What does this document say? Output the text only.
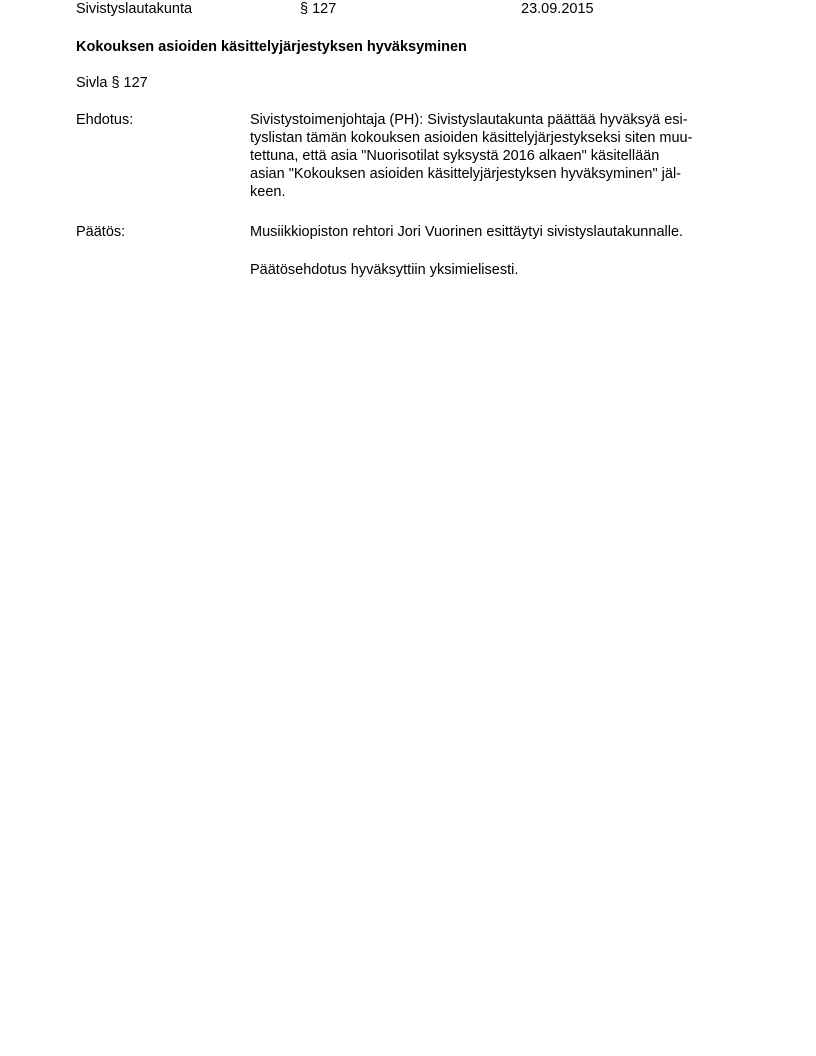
Sivistyslautakunta	§ 127	23.09.2015
Kokouksen asioiden käsittelyjärjestyksen hyväksyminen
Sivla § 127
Ehdotus:	Sivistystoimenjohtaja (PH): Sivistyslautakunta päättää hyväksyä esi-
tyslistan tämän kokouksen asioiden käsittelyjärjestykseksi siten muu-
tettuna, että asia "Nuorisotilat syksystä 2016 alkaen" käsitellään
asian "Kokouksen asioiden käsittelyjärjestyksen hyväksyminen" jäl-
keen.
Päätös:	Musiikkiopiston rehtori Jori Vuorinen esittäytyi sivistyslautakunnalle.
Päätösehdotus hyväksyttiin yksimielisesti.
